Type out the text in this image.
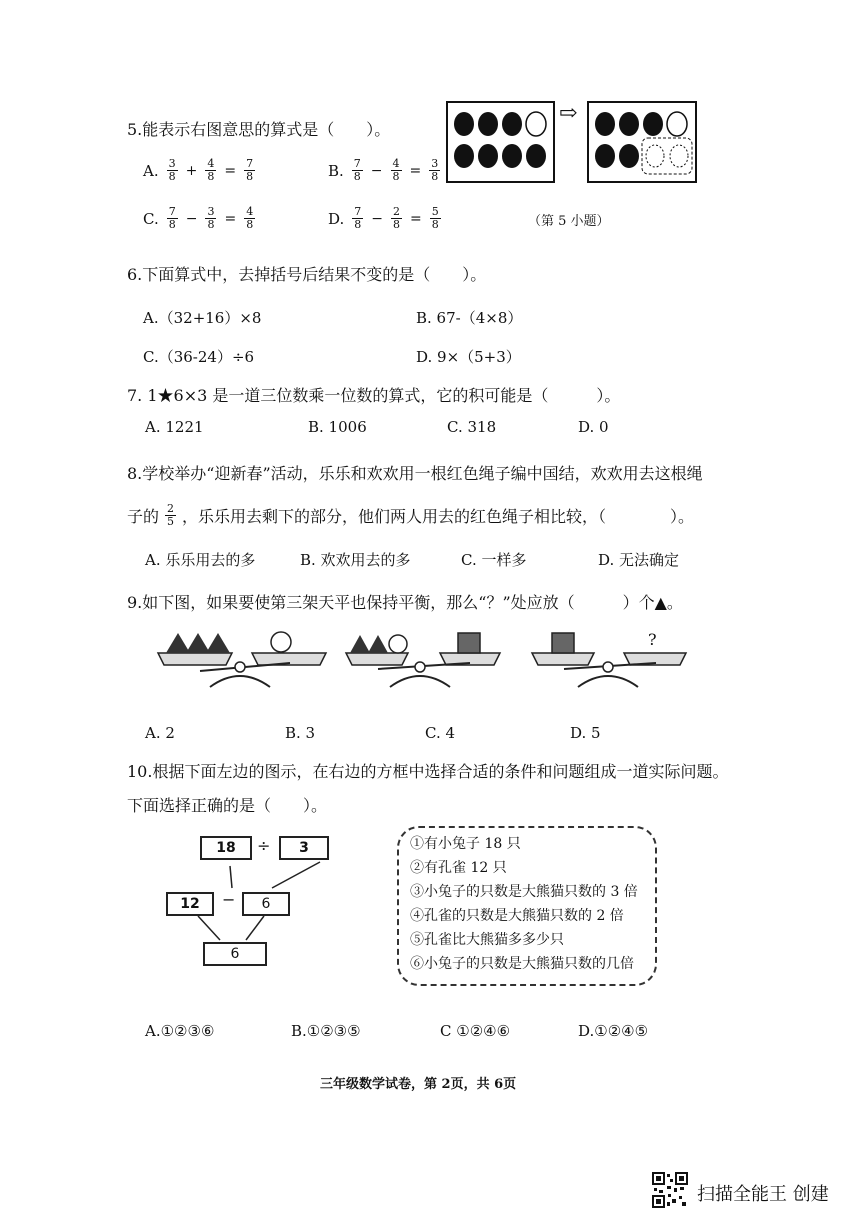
5.能表示右图意思的算式是（　　）。
A. $\frac{3}{8} + \frac{4}{8} = \frac{7}{8}$	B. $\frac{7}{8} - \frac{4}{8} = \frac{3}{8}$
C. $\frac{7}{8} - \frac{3}{8} = \frac{4}{8}$	D. $\frac{7}{8} - \frac{2}{8} = \frac{5}{8}$
⇨
（第 5 小题）
6.下面算式中，去掉括号后结果不变的是（　　）。
A.（32+16）×8	B. 67-（4×8）
C.（36-24）÷6	D. 9×（5+3）
7. 1★6×3 是一道三位数乘一位数的算式，它的积可能是（　　　）。
A. 1221	B. 1006	C. 318	D. 0
8.学校举办“迎新春”活动，乐乐和欢欢用一根红色绳子编中国结，欢欢用去这根绳
子的 $\frac{2}{5}$ ，乐乐用去剩下的部分，他们两人用去的红色绳子相比较，（　　　　）。
A. 乐乐用去的多	B. 欢欢用去的多	C. 一样多	D. 无法确定
9.如下图，如果要使第三架天平也保持平衡，那么“？”处应放（　　　）个▲。
?
A. 2	B. 3	C. 4	D. 5
10.根据下面左边的图示，在右边的方框中选择合适的条件和问题组成一道实际问题。
下面选择正确的是（　　）。
18	÷	3
12	−	6
6
①有小兔子 18 只
②有孔雀 12 只
③小兔子的只数是大熊猫只数的 3 倍
④孔雀的只数是大熊猫只数的 2 倍
⑤孔雀比大熊猫多多少只
⑥小兔子的只数是大熊猫只数的几倍
A.①②③⑥	B.①②③⑤	C ①②④⑥	D.①②④⑤
三年级数学试卷，第 2页，共 6页
扫描全能王 创建
